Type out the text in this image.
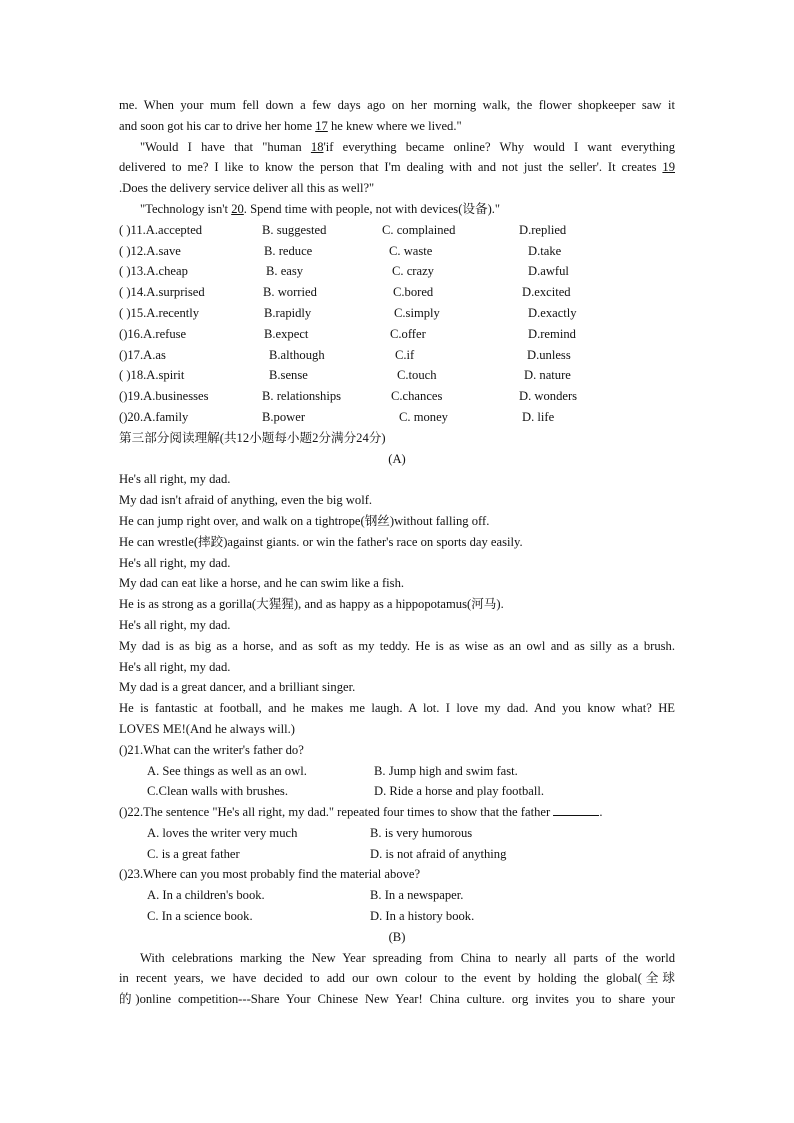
me. When your mum fell down a few days ago on her morning walk, the flower shopkeeper saw it
and soon got his car to drive her home 17 he knew where we lived."
"Would I have that "human 18'if everything became online? Why would I want everything
delivered to me? I like to know the person that I'm dealing with and not just the seller'. It creates 19
.Does the delivery service deliver all this as well?"
"Technology isn't 20. Spend time with people, not with devices(设备)."
( )11.A.accepted	B. suggested	C. complained	D.replied
( )12.A.save	B. reduce	C. waste	D.take
( )13.A.cheap	B. easy	C. crazy	D.awful
( )14.A.surprised	B. worried	C.bored	D.excited
( )15.A.recently	B.rapidly	C.simply	D.exactly
()16.A.refuse	B.expect	C.offer	D.remind
()17.A.as	B.although	C.if	D.unless
( )18.A.spirit	B.sense	C.touch	D. nature
()19.A.businesses	B. relationships	C.chances	D. wonders
()20.A.family	B.power	C. money	D. life
第三部分阅读理解(共12小题每小题2分满分24分)
(A)
He's all right, my dad.
My dad isn't afraid of anything, even the big wolf.
He can jump right over, and walk on a tightrope(钢丝)without falling off.
He can wrestle(摔跤)against giants. or win the father's race on sports day easily.
He's all right, my dad.
My dad can eat like a horse, and he can swim like a fish.
He is as strong as a gorilla(大猩猩), and as happy as a hippopotamus(河马).
He's all right, my dad.
My dad is as big as a horse, and as soft as my teddy. He is as wise as an owl and as silly as a brush.
He's all right, my dad.
My dad is a great dancer, and a brilliant singer.
He is fantastic at football, and he makes me laugh. A lot. I love my dad. And you know what? HE
LOVES ME!(And he always will.)
()21.What can the writer's father do?
A. See things as well as an owl.	B. Jump high and swim fast.
C.Clean walls with brushes.	D. Ride a horse and play football.
()22.The sentence "He's all right, my dad." repeated four times to show that the father	.
A. loves the writer very much	B. is very humorous
C. is a great father	D. is not afraid of anything
()23.Where can you most probably find the material above?
A. In a children's book.	B. In a newspaper.
C. In a science book.	D. In a history book.
(B)
With celebrations marking the New Year spreading from China to nearly all parts of the world
in recent years, we have decided to add our own colour to the event by holding the global(全球
的)online competition---Share Your Chinese New Year! China culture. org invites you to share your
